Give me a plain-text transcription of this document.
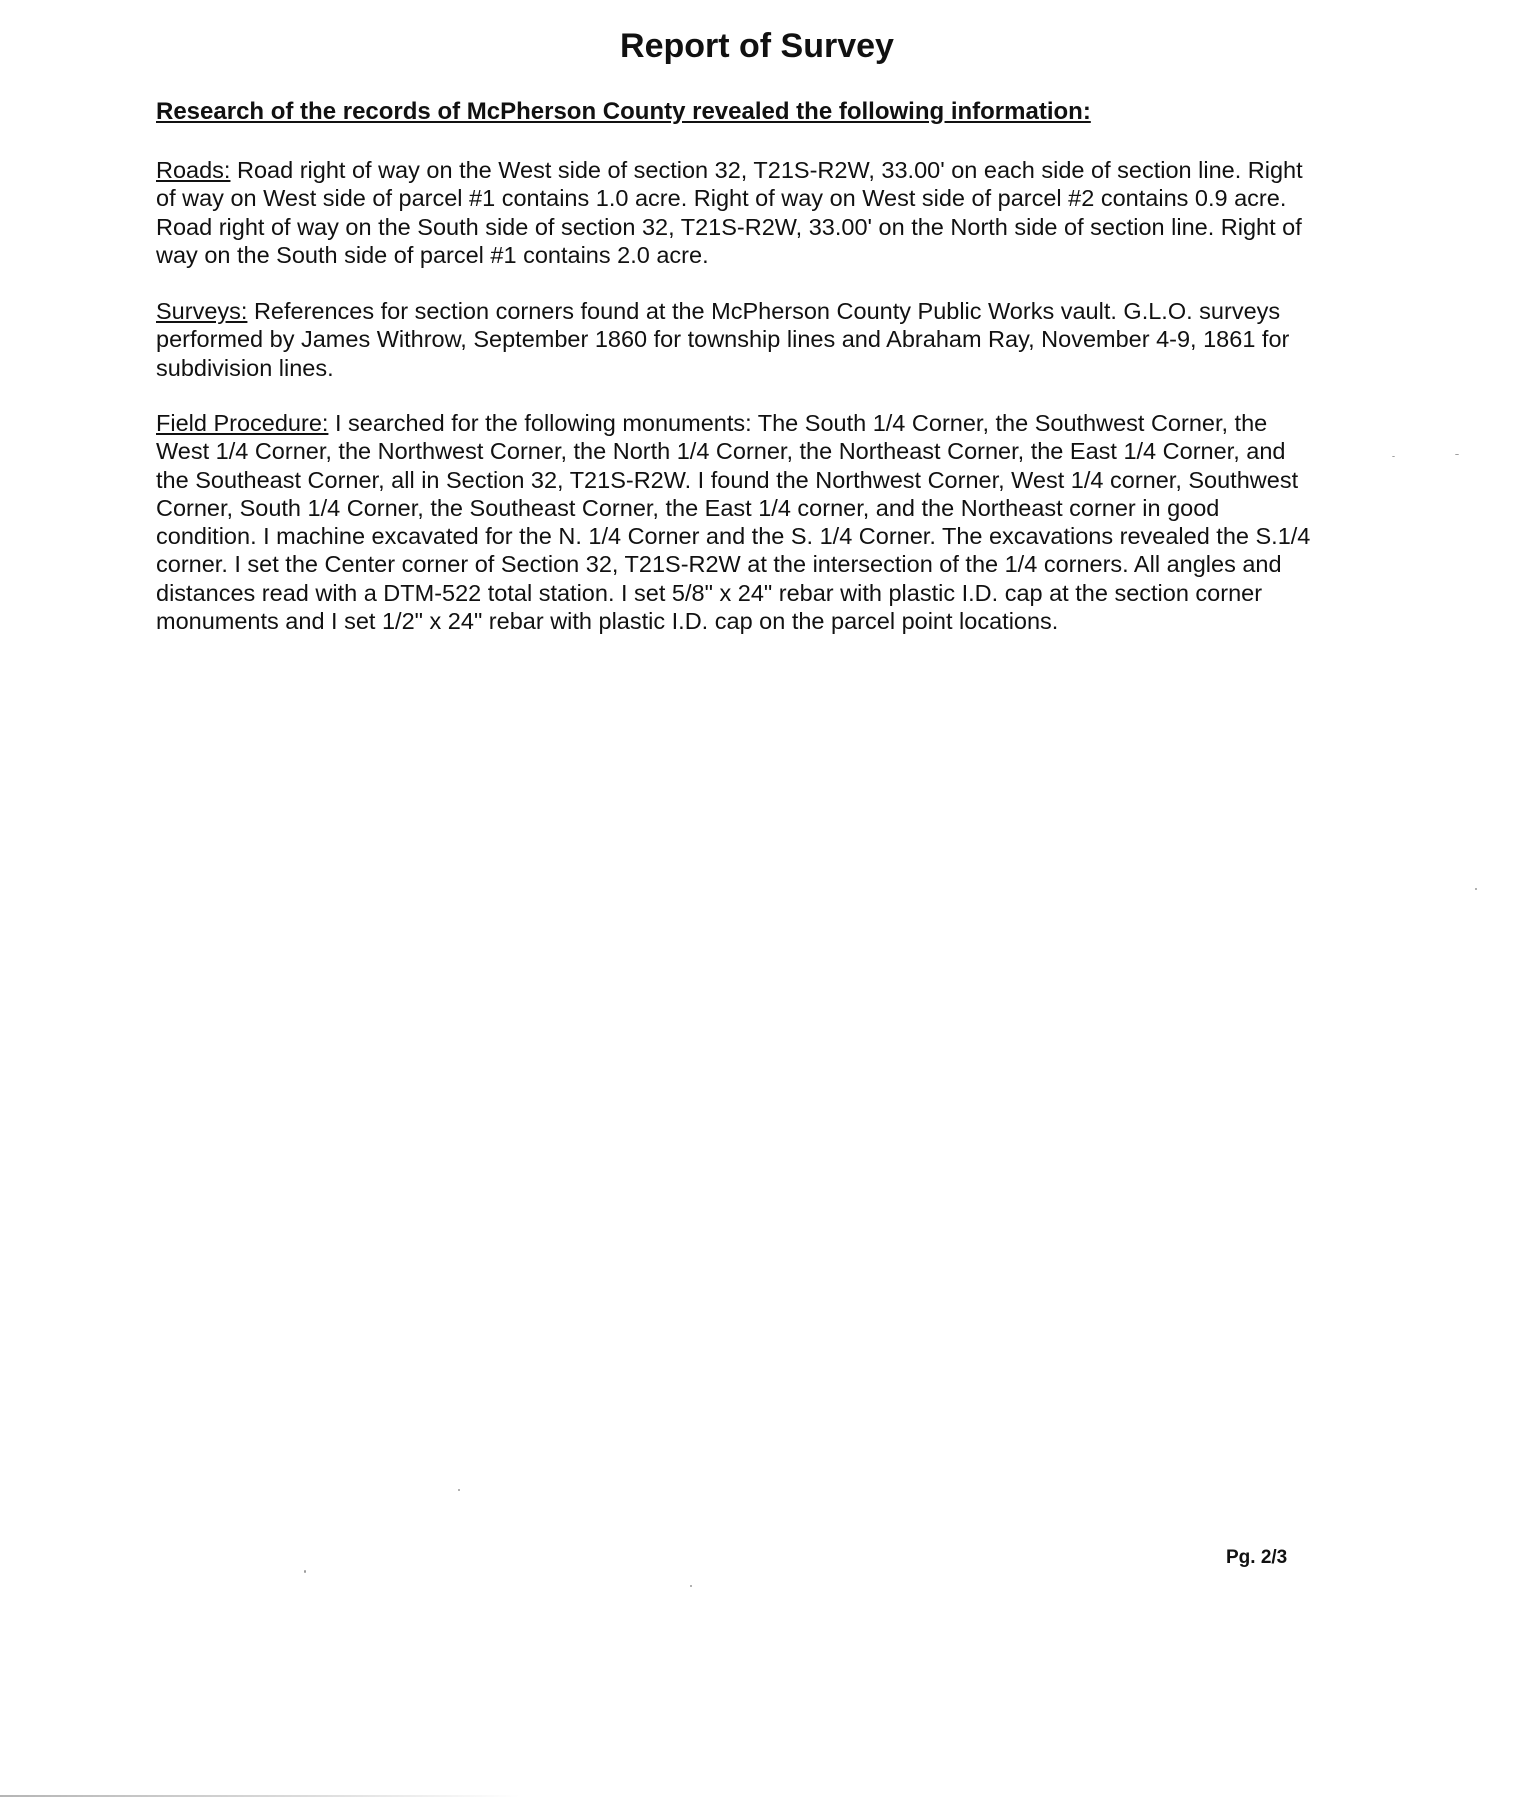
Report of Survey

Research of the records of McPherson County revealed the following information:

Roads: Road right of way on the West side of section 32, T21S-R2W, 33.00' on each side of section line. Right of way on West side of parcel #1 contains 1.0 acre. Right of way on West side of parcel #2 contains 0.9 acre. Road right of way on the South side of section 32, T21S-R2W, 33.00' on the North side of section line. Right of way on the South side of parcel #1 contains 2.0 acre.

Surveys: References for section corners found at the McPherson County Public Works vault. G.L.O. surveys performed by James Withrow, September 1860 for township lines and Abraham Ray, November 4-9, 1861 for subdivision lines.

Field Procedure: I searched for the following monuments: The South 1/4 Corner, the Southwest Corner, the West 1/4 Corner, the Northwest Corner, the North 1/4 Corner, the Northeast Corner, the East 1/4 Corner, and the Southeast Corner, all in Section 32, T21S-R2W. I found the Northwest Corner, West 1/4 corner, Southwest Corner, South 1/4 Corner, the Southeast Corner, the East 1/4 corner, and the Northeast corner in good condition. I machine excavated for the N. 1/4 Corner and the S. 1/4 Corner. The excavations revealed the S.1/4 corner. I set the Center corner of Section 32, T21S-R2W at the intersection of the 1/4 corners. All angles and distances read with a DTM-522 total station. I set 5/8" x 24" rebar with plastic I.D. cap at the section corner monuments and I set 1/2" x 24" rebar with plastic I.D. cap on the parcel point locations.

Pg. 2/3
